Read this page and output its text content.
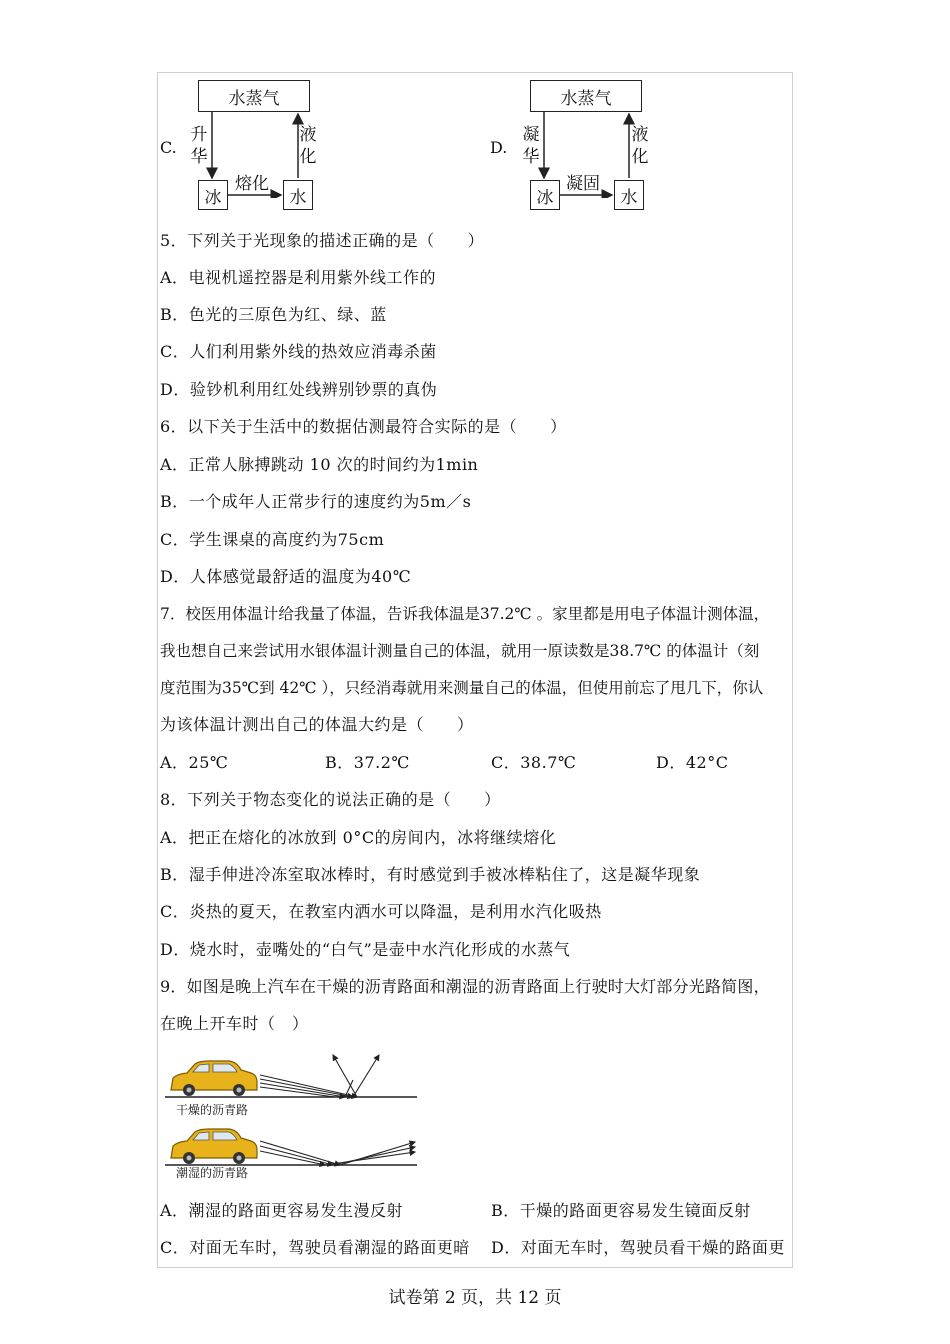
C.
水蒸气
冰	水
升华
液化
熔化
D.
水蒸气
冰	水
凝华
液化
凝固
5．下列关于光现象的描述正确的是（　　）
A．电视机遥控器是利用紫外线工作的
B．色光的三原色为红、绿、蓝
C．人们利用紫外线的热效应消毒杀菌
D．验钞机利用红处线辨别钞票的真伪
6．以下关于生活中的数据估测最符合实际的是（　　）
A．正常人脉搏跳动 10 次的时间约为1min
B．一个成年人正常步行的速度约为5m／s
C．学生课桌的高度约为75cm
D．人体感觉最舒适的温度为40℃
7．校医用体温计给我量了体温，告诉我体温是37.2℃ 。家里都是用电子体温计测体温，
我也想自己来尝试用水银体温计测量自己的体温，就用一原读数是38.7℃ 的体温计（刻
度范围为35℃到 42℃ ），只经消毒就用来测量自己的体温，但使用前忘了甩几下，你认
为该体温计测出自己的体温大约是（　　）
A．25℃	B．37.2℃	C．38.7℃	D．42°C
8．下列关于物态变化的说法正确的是（　　）
A．把正在熔化的冰放到 0°C的房间内，冰将继续熔化
B．湿手伸进冷冻室取冰棒时，有时感觉到手被冰棒粘住了，这是凝华现象
C．炎热的夏天，在教室内洒水可以降温，是利用水汽化吸热
D．烧水时，壶嘴处的“白气”是壶中水汽化形成的水蒸气
9．如图是晚上汽车在干燥的沥青路面和潮湿的沥青路面上行驶时大灯部分光路简图，
在晚上开车时（　）
干燥的沥青路
潮湿的沥青路
A．潮湿的路面更容易发生漫反射	B．干燥的路面更容易发生镜面反射
C．对面无车时，驾驶员看潮湿的路面更暗 D．对面无车时，驾驶员看干燥的路面更
试卷第 2 页，共 12 页
